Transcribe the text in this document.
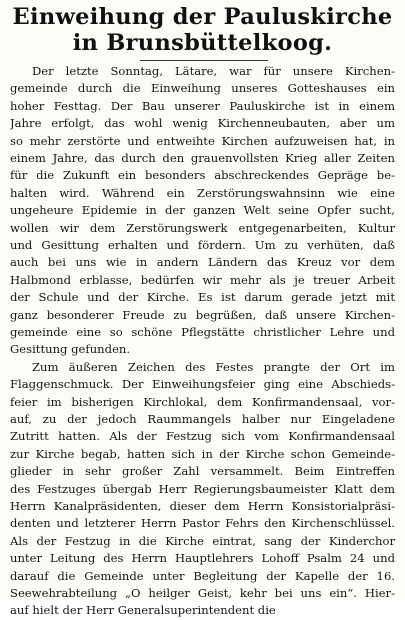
Einweihung der Pauluskirche
in Brunsbüttelkoog.
Der letzte Sonntag, Lätare, war für unsere Kirchen-
gemeinde durch die Einweihung unseres Gotteshauses ein
hoher Festtag. Der Bau unserer Pauluskirche ist in einem
Jahre erfolgt, das wohl wenig Kirchenneubauten, aber um
so mehr zerstörte und entweihte Kirchen aufzuweisen hat, in
einem Jahre, das durch den grauenvollsten Krieg aller Zeiten
für die Zukunft ein besonders abschreckendes Gepräge be-
halten wird. Während ein Zerstörungswahnsinn wie eine
ungeheure Epidemie in der ganzen Welt seine Opfer sucht,
wollen wir dem Zerstörungswerk entgegenarbeiten, Kultur
und Gesittung erhalten und fördern. Um zu verhüten, daß
auch bei uns wie in andern Ländern das Kreuz vor dem
Halbmond erblasse, bedürfen wir mehr als je treuer Arbeit
der Schule und der Kirche. Es ist darum gerade jetzt mit
ganz besonderer Freude zu begrüßen, daß unsere Kirchen-
gemeinde eine so schöne Pflegstätte christlicher Lehre und
Gesittung gefunden.
Zum äußeren Zeichen des Festes prangte der Ort im
Flaggenschmuck. Der Einweihungsfeier ging eine Abschieds-
feier im bisherigen Kirchlokal, dem Konfirmandensaal, vor-
auf, zu der jedoch Raummangels halber nur Eingeladene
Zutritt hatten. Als der Festzug sich vom Konfirmandensaal
zur Kirche begab, hatten sich in der Kirche schon Gemeinde-
glieder in sehr großer Zahl versammelt. Beim Eintreffen
des Festzuges übergab Herr Regierungsbaumeister Klatt dem
Herrn Kanalpräsidenten, dieser dem Herrn Konsistorialpräsi-
denten und letzterer Herrn Pastor Fehrs den Kirchenschlüssel.
Als der Festzug in die Kirche eintrat, sang der Kinderchor
unter Leitung des Herrn Hauptlehrers Lohoff Psalm 24 und
darauf die Gemeinde unter Begleitung der Kapelle der 16.
Seewehrabteilung „O heilger Geist, kehr bei uns ein“. Hier-
auf hielt der Herr Generalsuperintendent die
